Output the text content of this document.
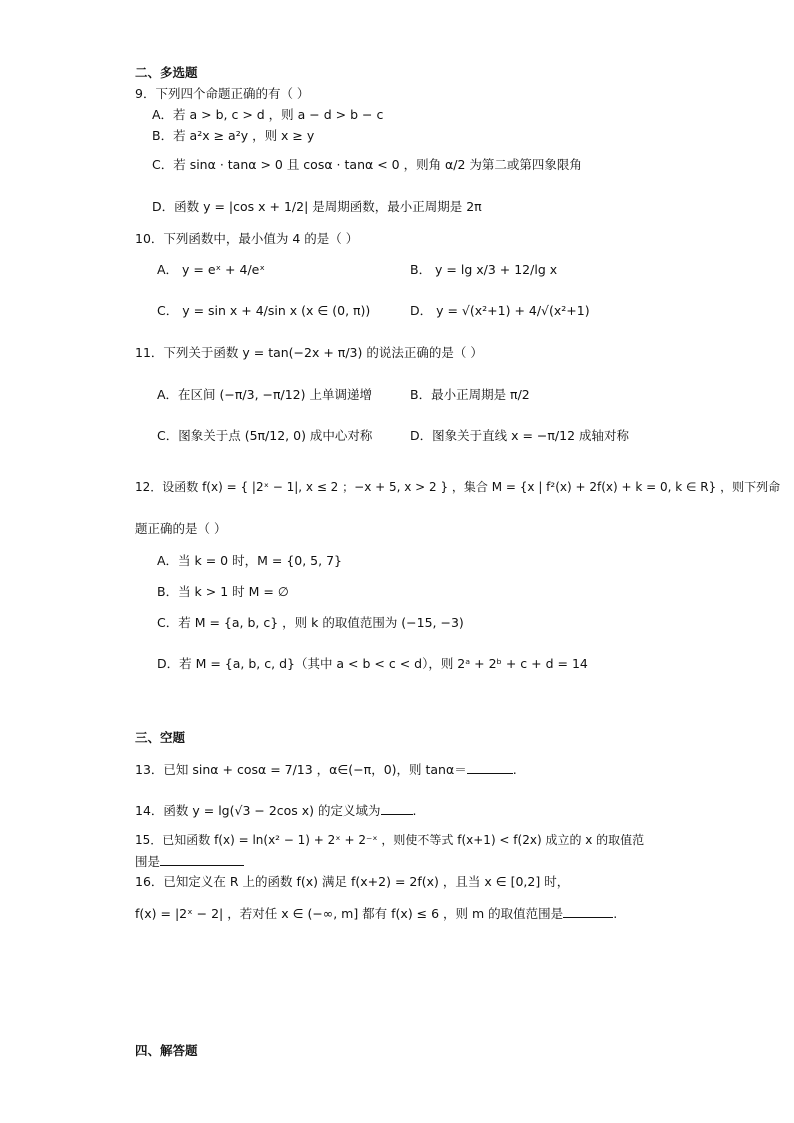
二、多选题
9．下列四个命题正确的有（ ）
A．若 a > b, c > d ，则 a − d > b − c
B．若 a²x ≥ a²y ，则 x ≥ y
C．若 sinα · tanα > 0 且 cosα · tanα < 0 ，则角 α/2 为第二或第四象限角
D．函数 y = |cos x + 1/2| 是周期函数，最小正周期是 2π
10．下列函数中，最小值为 4 的是（ ）
A． y = eˣ + 4/eˣ	B． y = lg x/3 + 12/lg x
C． y = sin x + 4/sin x (x ∈ (0, π))	D． y = √(x²+1) + 4/√(x²+1)
11．下列关于函数 y = tan(−2x + π/3) 的说法正确的是（ ）
A．在区间 (−π/3, −π/12) 上单调递增	B．最小正周期是 π/2
C．图象关于点 (5π/12, 0) 成中心对称	D．图象关于直线 x = −π/12 成轴对称
12．设函数 f(x) = { |2ˣ − 1|, x ≤ 2 ；−x + 5, x > 2 } ，集合 M = {x | f²(x) + 2f(x) + k = 0, k ∈ R} ，则下列命
题正确的是（ ）
A．当 k = 0 时，M = {0, 5, 7}
B．当 k > 1 时 M = ∅
C．若 M = {a, b, c} ，则 k 的取值范围为 (−15, −3)
D．若 M = {a, b, c, d}（其中 a < b < c < d），则 2ᵃ + 2ᵇ + c + d = 14
三、空题
13．已知 sinα + cosα = 7/13 ，α∈(−π，0)，则 tanα＝	.
14．函数 y = lg(√3 − 2cos x) 的定义域为	.
15．已知函数 f(x) = ln(x² − 1) + 2ˣ + 2⁻ˣ ，则使不等式 f(x+1) < f(2x) 成立的 x 的取值范
围是
16．已知定义在 R 上的函数 f(x) 满足 f(x+2) = 2f(x) ，且当 x ∈ [0,2] 时，
f(x) = |2ˣ − 2| ，若对任 x ∈ (−∞, m] 都有 f(x) ≤ 6 ，则 m 的取值范围是	.
四、解答题
